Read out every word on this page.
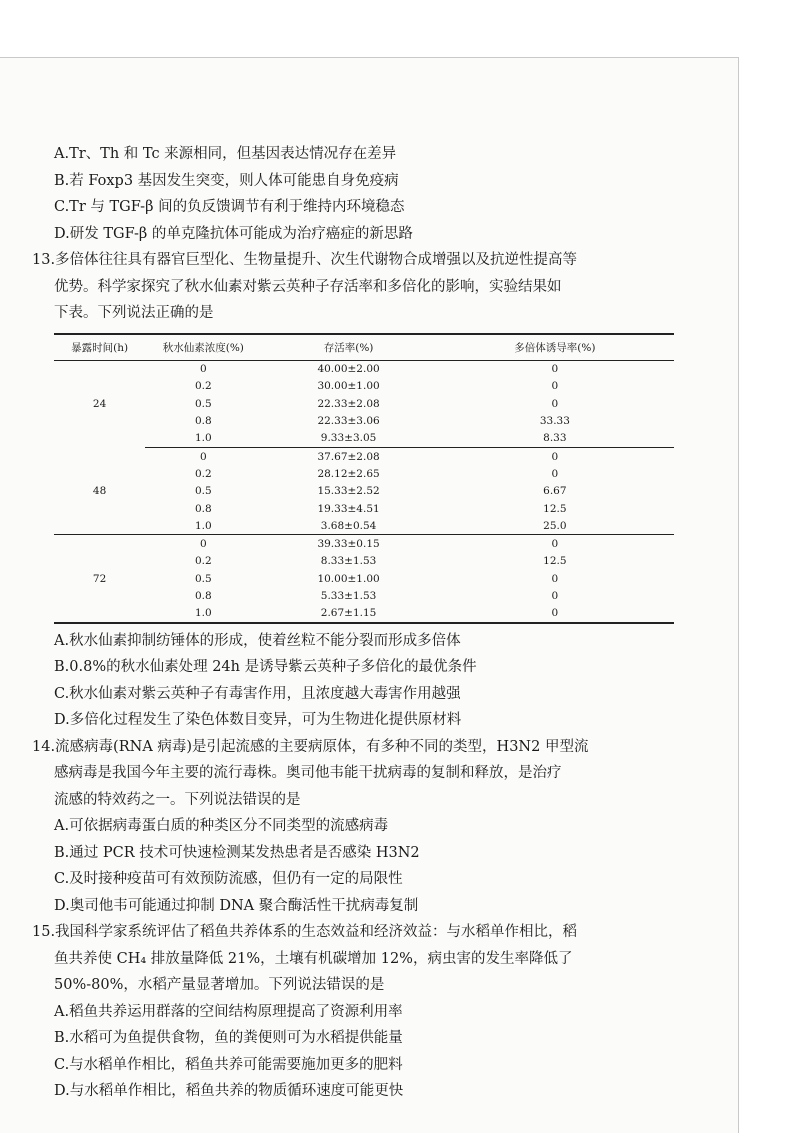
A.Tr、Th 和 Tc 来源相同，但基因表达情况存在差异
B.若 Foxp3 基因发生突变，则人体可能患自身免疫病
C.Tr 与 TGF-β 间的负反馈调节有利于维持内环境稳态
D.研发 TGF-β 的单克隆抗体可能成为治疗癌症的新思路
13.多倍体往往具有器官巨型化、生物量提升、次生代谢物合成增强以及抗逆性提高等
优势。科学家探究了秋水仙素对紫云英种子存活率和多倍化的影响，实验结果如
下表。下列说法正确的是
暴露时间(h)	秋水仙素浓度(%)	存活率(%)	多倍体诱导率(%)
24	0	40.00±2.00	0
	0.2	30.00±1.00	0
	0.5	22.33±2.08	0
	0.8	22.33±3.06	33.33
	1.0	9.33±3.05	8.33
48	0	37.67±2.08	0
	0.2	28.12±2.65	0
	0.5	15.33±2.52	6.67
	0.8	19.33±4.51	12.5
	1.0	3.68±0.54	25.0
72	0	39.33±0.15	0
	0.2	8.33±1.53	12.5
	0.5	10.00±1.00	0
	0.8	5.33±1.53	0
	1.0	2.67±1.15	0
A.秋水仙素抑制纺锤体的形成，使着丝粒不能分裂而形成多倍体
B.0.8%的秋水仙素处理 24h 是诱导紫云英种子多倍化的最优条件
C.秋水仙素对紫云英种子有毒害作用，且浓度越大毒害作用越强
D.多倍化过程发生了染色体数目变异，可为生物进化提供原材料
14.流感病毒(RNA 病毒)是引起流感的主要病原体，有多种不同的类型，H3N2 甲型流
感病毒是我国今年主要的流行毒株。奥司他韦能干扰病毒的复制和释放，是治疗
流感的特效药之一。下列说法错误的是
A.可依据病毒蛋白质的种类区分不同类型的流感病毒
B.通过 PCR 技术可快速检测某发热患者是否感染 H3N2
C.及时接种疫苗可有效预防流感，但仍有一定的局限性
D.奥司他韦可能通过抑制 DNA 聚合酶活性干扰病毒复制
15.我国科学家系统评估了稻鱼共养体系的生态效益和经济效益：与水稻单作相比，稻
鱼共养使 CH₄ 排放量降低 21%，土壤有机碳增加 12%，病虫害的发生率降低了
50%-80%，水稻产量显著增加。下列说法错误的是
A.稻鱼共养运用群落的空间结构原理提高了资源利用率
B.水稻可为鱼提供食物，鱼的粪便则可为水稻提供能量
C.与水稻单作相比，稻鱼共养可能需要施加更多的肥料
D.与水稻单作相比，稻鱼共养的物质循环速度可能更快
